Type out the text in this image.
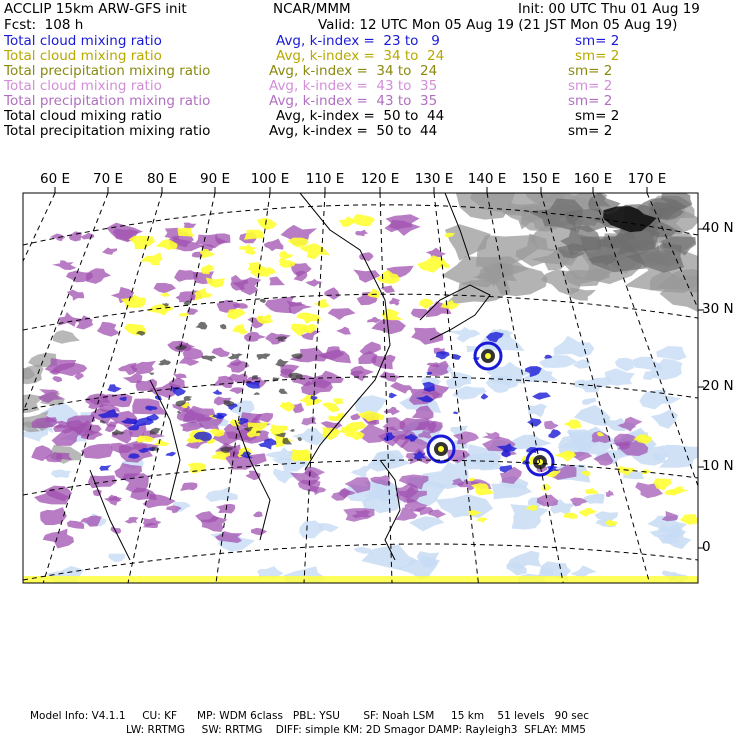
ACCLIP 15km ARW-GFS init	NCAR/MMM	Init: 00 UTC Thu 01 Aug 19
Fcst:  108 h	Valid: 12 UTC Mon 05 Aug 19 (21 JST Mon 05 Aug 19)
Total cloud mixing ratio	Avg, k-index =  23 to   9	sm= 2
Total cloud mixing ratio	Avg, k-index =  34 to  24	sm= 2
Total precipitation mixing ratio	Avg, k-index =  34 to  24	sm= 2
Total cloud mixing ratio	Avg, k-index =  43 to  35	sm= 2
Total precipitation mixing ratio	Avg, k-index =  43 to  35	sm= 2
Total cloud mixing ratio	Avg, k-index =  50 to  44	sm= 2
Total precipitation mixing ratio	Avg, k-index =  50 to  44	sm= 2
60 E	70 E	80 E	90 E	100 E 110 E 120 E 130 E 140 E 150 E 160 E 170 E
40 N
30 N
20 N
10 N
0
Model Info: V4.1.1     CU: KF      MP: WDM 6class   PBL: YSU       SF: Noah LSM     15 km    51 levels   90 sec
LW: RRTMG     SW: RRTMG    DIFF: simple KM: 2D Smagor DAMP: Rayleigh3  SFLAY: MM5
